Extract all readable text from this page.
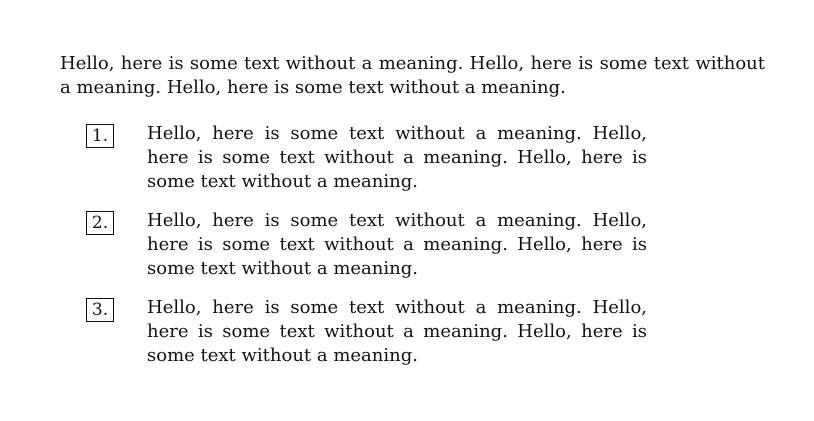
Hello, here is some text without a meaning. Hello, here is some text without a meaning. Hello, here is some text without a meaning.

1.	Hello, here is some text without a meaning. Hello, here is some text without a meaning. Hello, here is some text without a meaning.

2.	Hello, here is some text without a meaning. Hello, here is some text without a meaning. Hello, here is some text without a meaning.

3.	Hello, here is some text without a meaning. Hello, here is some text without a meaning. Hello, here is some text without a meaning.
